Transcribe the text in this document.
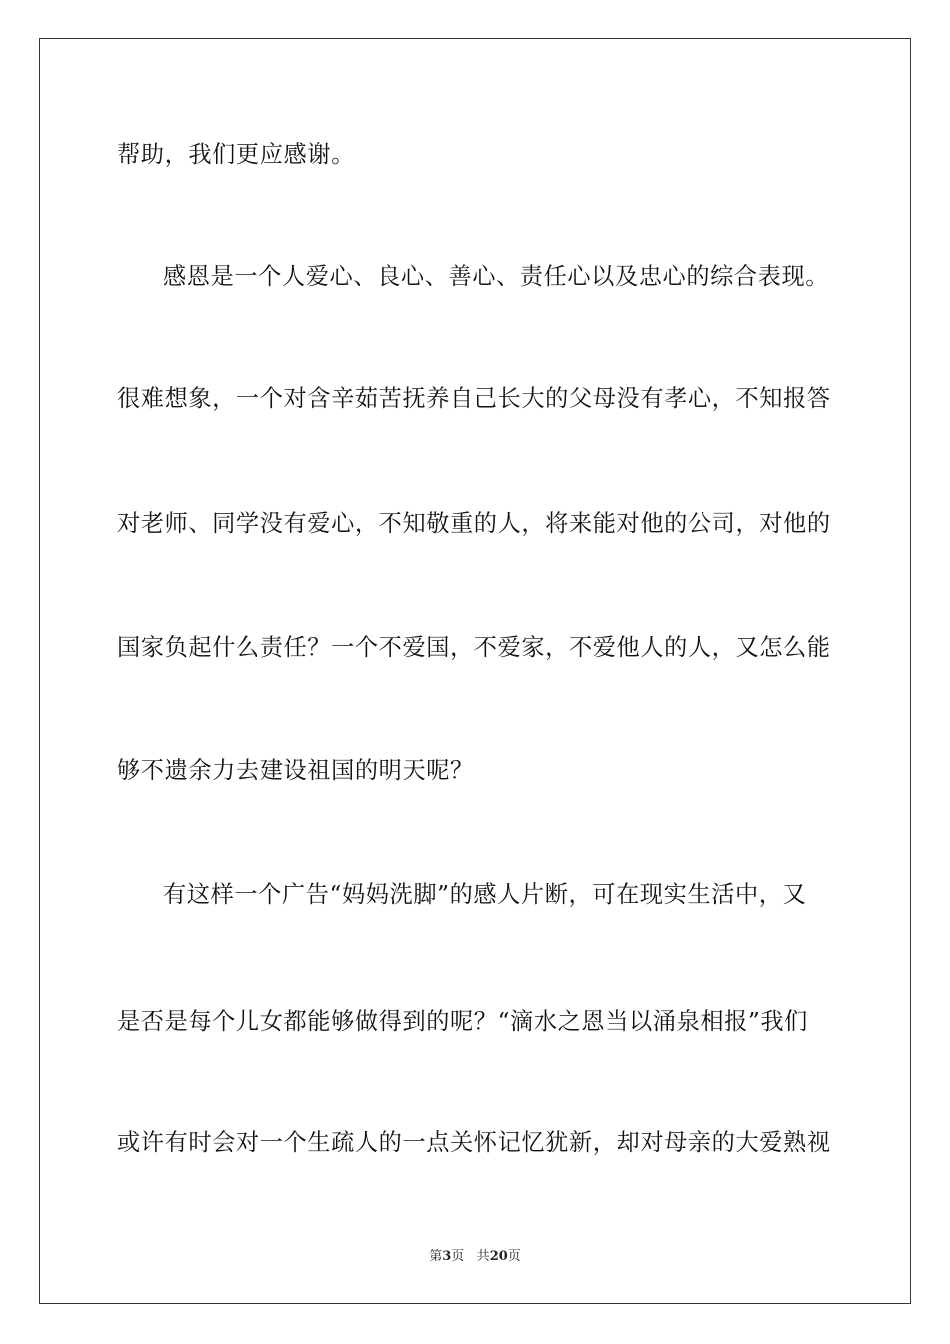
帮助，我们更应感谢。
感恩是一个人爱心、良心、善心、责任心以及忠心的综合表现。
很难想象，一个对含辛茹苦抚养自己长大的父母没有孝心，不知报答
对老师、同学没有爱心，不知敬重的人，将来能对他的公司，对他的
国家负起什么责任？一个不爱国，不爱家，不爱他人的人，又怎么能
够不遗余力去建设祖国的明天呢？
有这样一个广告“妈妈洗脚”的感人片断，可在现实生活中，又
是否是每个儿女都能够做得到的呢？“滴水之恩当以涌泉相报”我们
或许有时会对一个生疏人的一点关怀记忆犹新，却对母亲的大爱熟视
第3页 共20页
